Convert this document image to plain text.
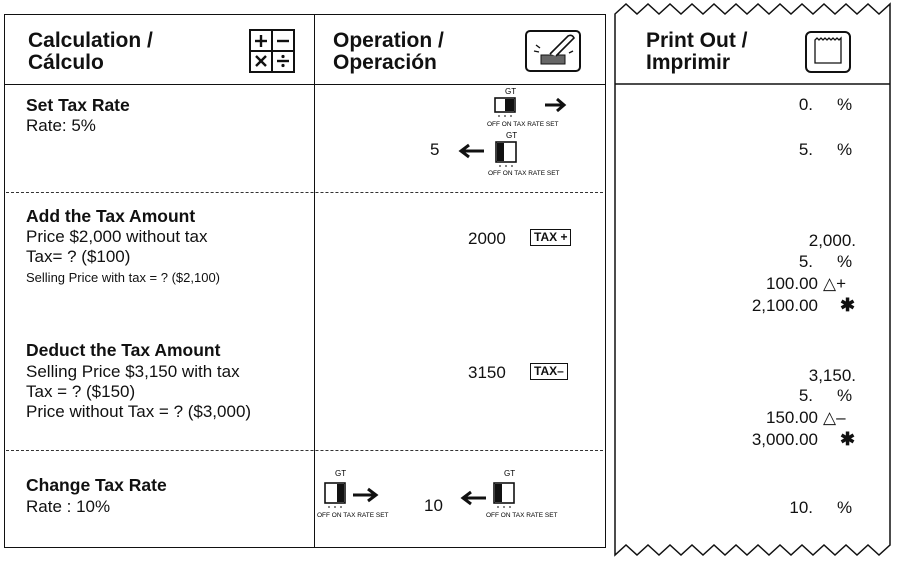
Calculation /
Cálculo
Operation /
Operación
Set Tax Rate
Rate: 5%
GT
OFF ON TAX RATE SET
5
GT
OFF ON TAX RATE SET
Add the Tax Amount
Price $2,000 without tax
Tax= ? ($100)
Selling Price with tax = ? ($2,100)
2000	TAX +
Deduct the Tax Amount
Selling Price $3,150 with tax
Tax = ? ($150)
Price without Tax = ? ($3,000)
3150	TAX–
Change Tax Rate
Rate : 10%
GT
OFF ON TAX RATE SET
10
GT
OFF ON TAX RATE SET
Print Out /
Imprimir
0. %
5. %
2,000.
5. %
100.00 △+
2,100.00 ✱
3,150.
5. %
150.00 △–
3,000.00 ✱
10. %
